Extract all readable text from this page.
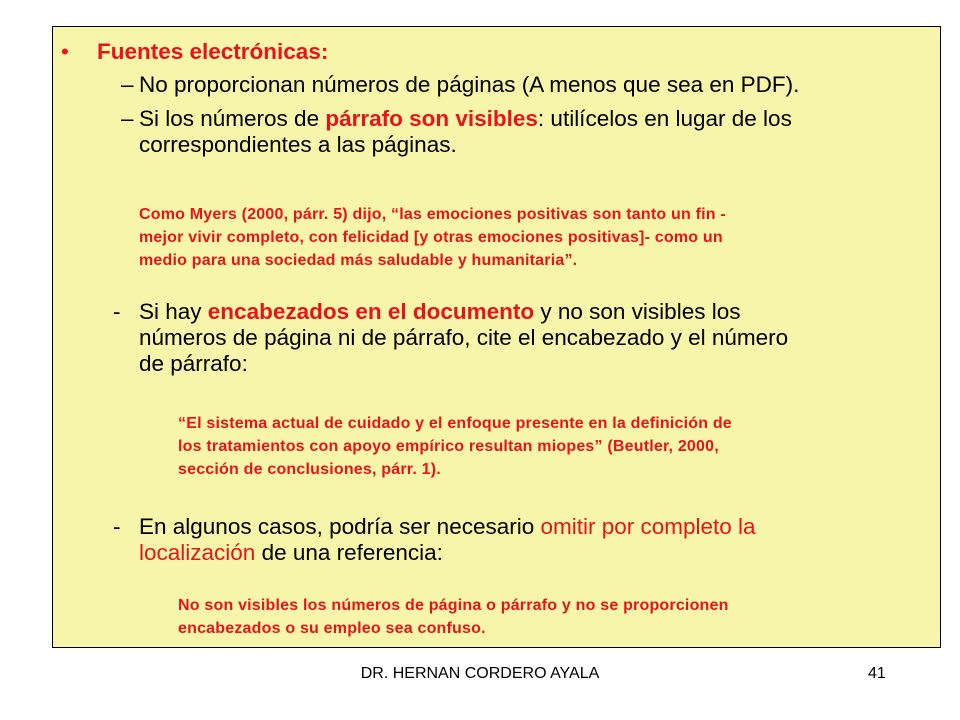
• Fuentes electrónicas:
– No proporcionan números de páginas (A menos que sea en PDF).
– Si los números de párrafo son visibles: utilícelos en lugar de los
correspondientes a las páginas.
Como Myers (2000, párr. 5) dijo, “las emociones positivas son tanto un fin -
mejor vivir completo, con felicidad [y otras emociones positivas]- como un
medio para una sociedad más saludable y humanitaria”.
- Si hay encabezados en el documento y no son visibles los
números de página ni de párrafo, cite el encabezado y el número
de párrafo:
“El sistema actual de cuidado y el enfoque presente en la definición de
los tratamientos con apoyo empírico resultan miopes” (Beutler, 2000,
sección de conclusiones, párr. 1).
- En algunos casos, podría ser necesario omitir por completo la
localización de una referencia:
No son visibles los números de página o párrafo y no se proporcionen
encabezados o su empleo sea confuso.
DR. HERNAN CORDERO AYALA	41
